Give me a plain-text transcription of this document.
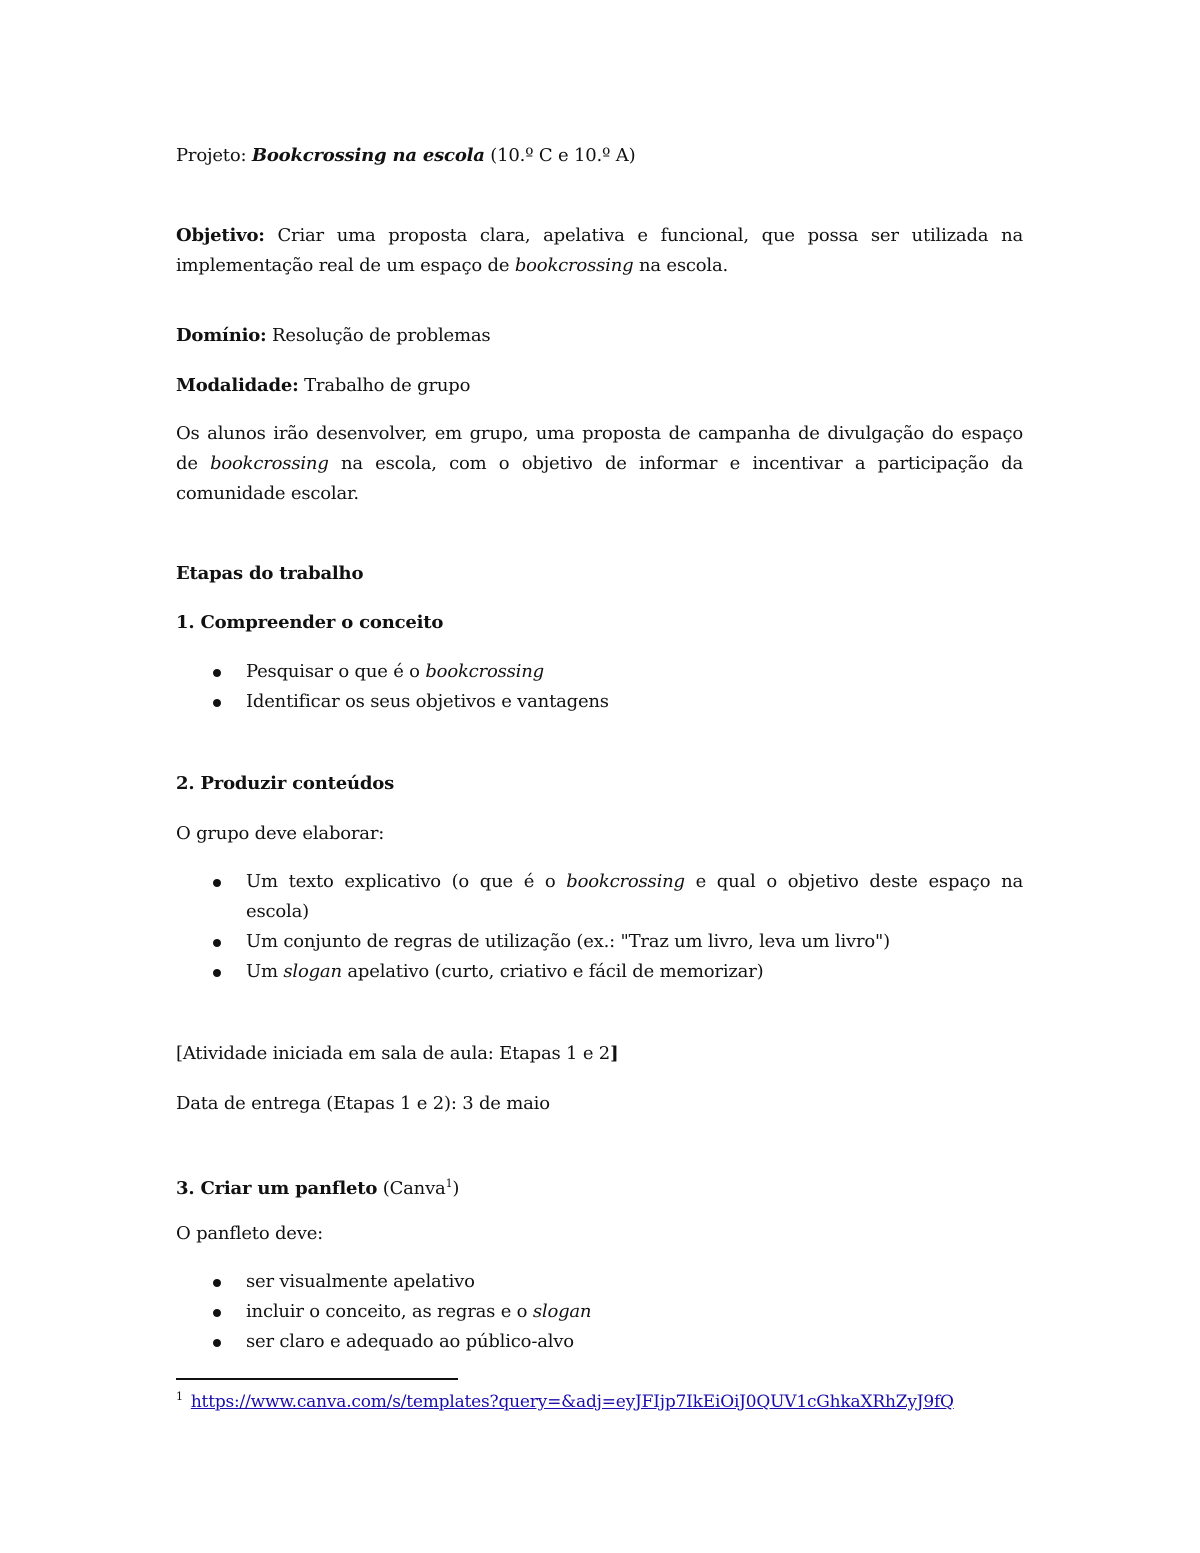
Projeto: Bookcrossing na escola (10.º C e 10.º A)
Objetivo: Criar uma proposta clara, apelativa e funcional, que possa ser utilizada na
implementação real de um espaço de bookcrossing na escola.
Domínio: Resolução de problemas
Modalidade: Trabalho de grupo
Os alunos irão desenvolver, em grupo, uma proposta de campanha de divulgação do espaço
de bookcrossing na escola, com o objetivo de informar e incentivar a participação da
comunidade escolar.
Etapas do trabalho
1. Compreender o conceito
Pesquisar o que é o bookcrossing
Identificar os seus objetivos e vantagens
2. Produzir conteúdos
O grupo deve elaborar:
Um texto explicativo (o que é o bookcrossing e qual o objetivo deste espaço na
escola)
Um conjunto de regras de utilização (ex.: "Traz um livro, leva um livro")
Um slogan apelativo (curto, criativo e fácil de memorizar)
[Atividade iniciada em sala de aula: Etapas 1 e 2]
Data de entrega (Etapas 1 e 2): 3 de maio
3. Criar um panfleto (Canva$^1$)
O panfleto deve:
ser visualmente apelativo
incluir o conceito, as regras e o slogan
ser claro e adequado ao público-alvo
$^1$ https://www.canva.com/s/templates?query=&adj=eyJFIjp7IkEiOiJ0QUV1cGhkaXRhZyJ9fQ
